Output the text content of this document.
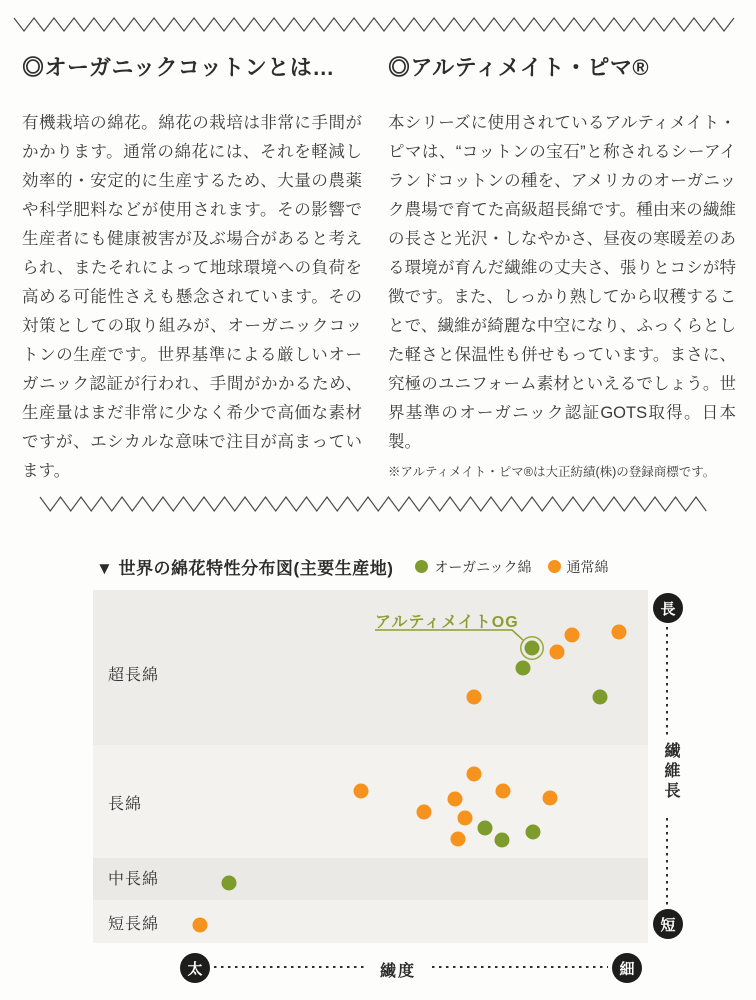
◎オーガニックコットンとは…

有機栽培の綿花。綿花の栽培は非常に手間がかかります。通常の綿花には、それを軽減し効率的・安定的に生産するため、大量の農薬や科学肥料などが使用されます。その影響で生産者にも健康被害が及ぶ場合があると考えられ、またそれによって地球環境への負荷を高める可能性さえも懸念されています。その対策としての取り組みが、オーガニックコットンの生産です。世界基準による厳しいオーガニック認証が行われ、手間がかかるため、生産量はまだ非常に少なく希少で高価な素材ですが、エシカルな意味で注目が高まっています。

◎アルティメイト・ピマ®

本シリーズに使用されているアルティメイト・ピマは、“コットンの宝石”と称されるシーアイランドコットンの種を、アメリカのオーガニック農場で育てた高級超長綿です。種由来の繊維の長さと光沢・しなやかさ、昼夜の寒暖差のある環境が育んだ繊維の丈夫さ、張りとコシが特徴です。また、しっかり熟してから収穫することで、繊維が綺麗な中空になり、ふっくらとした軽さと保温性も併せもっています。まさに、究極のユニフォーム素材といえるでしょう。世界基準のオーガニック認証GOTS取得。日本製。

※アルティメイト・ピマ®は大正紡績(株)の登録商標です。

▼ 世界の綿花特性分布図(主要生産地)	オーガニック綿	通常綿
超長綿
長綿
中長綿
短長綿
アルティメイトOG
長
繊維長
短
太	繊度	細
